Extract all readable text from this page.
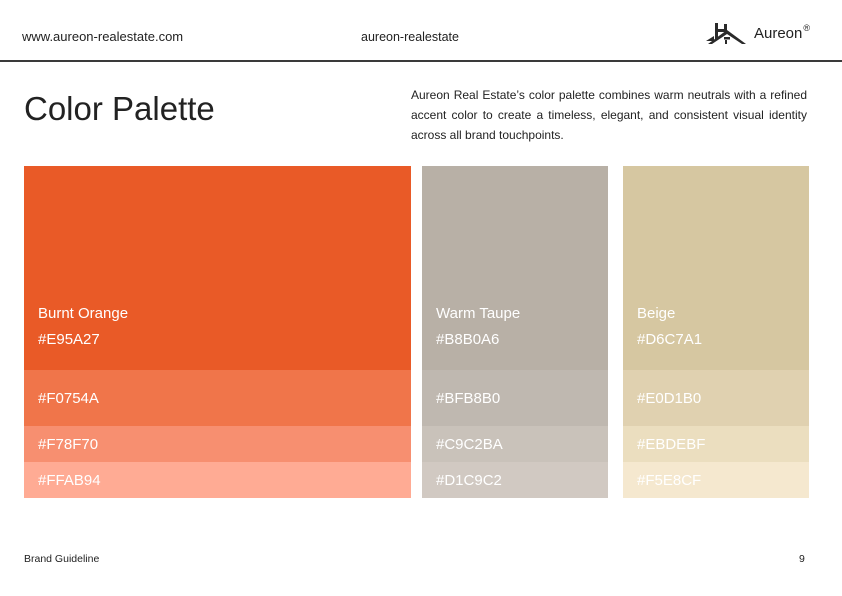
www.aureon-realestate.com	aureon-realestate	Aureon ®
Color Palette	Aureon Real Estate’s color palette combines warm neutrals with a refined accent color to create a timeless, elegant, and consistent visual identity across all brand touchpoints.

Burnt Orange
#E95A27
#F0754A
#F78F70
#FFAB94
Warm Taupe
#B8B0A6
#BFB8B0
#C9C2BA
#D1C9C2
Beige
#D6C7A1
#E0D1B0
#EBDEBF
#F5E8CF
Brand Guideline	9
